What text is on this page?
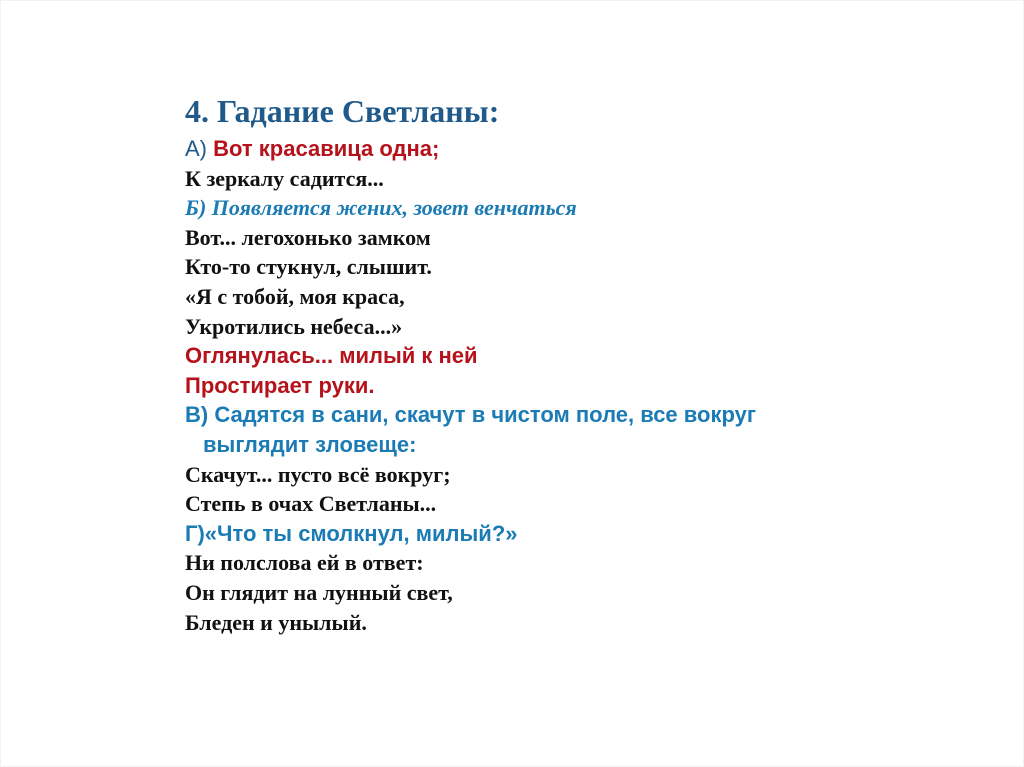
4. Гадание Светланы:
А) Вот красавица одна;
К зеркалу садится...
Б) Появляется жених, зовет венчаться
Вот... легохонько замком
Кто-то стукнул, слышит.
«Я с тобой, моя краса,
Укротились небеса...»
Оглянулась... милый к ней
Простирает руки.
В) Садятся в сани, скачут в чистом поле, все вокруг
выглядит зловеще:
Скачут... пусто всё вокруг;
Степь в очах Светланы...
Г)«Что ты смолкнул, милый?»
Ни полслова ей в ответ:
Он глядит на лунный свет,
Бледен и унылый.
